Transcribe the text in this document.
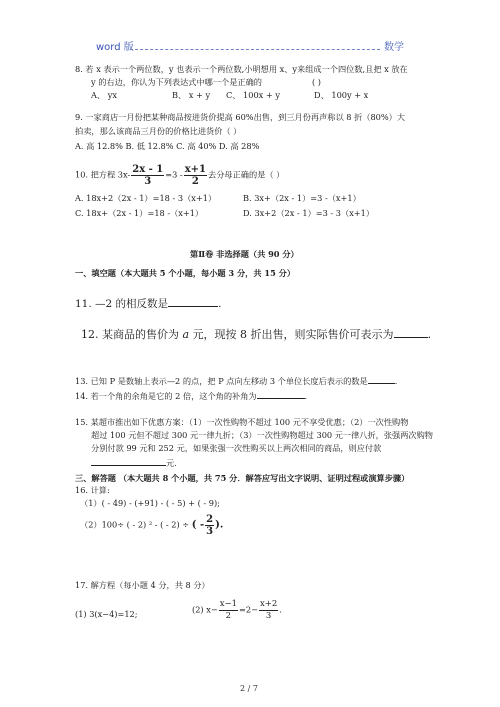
word 版	数学
8. 若 x 表示一个两位数，y 也表示一个两位数,小明想用 x、y来组成一个四位数,且把 x 放在
y 的右边，你认为下列表达式中哪一个是正确的	( )
A、 yx	B、 x + y C、 100x + y	D、 100y + x
9. 一家商店一月份把某种商品按进货价提高 60%出售，到三月份再声称以 8 折（80%）大
拍卖，那么该商品三月份的价格比进货价（ ）
A. 高 12.8% B. 低 12.8% C. 高 40% D. 高 28%
10. 把方程 $3x- \frac{2x - 1}{3} =3 - \frac{x+1}{2}$ 去分母正确的是（ ）
A. 18x+2（2x - 1）=18 - 3（x+1）	B. 3x+（2x - 1）=3 -（x+1）
C. 18x+（2x - 1）=18 -（x+1）	D. 3x+2（2x - 1）=3 - 3（x+1）
第Ⅱ卷 非选择题（共 90 分）
一、填空题（本大题共 5 个小题，每小题 3 分，共 15 分）
11. —2 的相反数是	.
12. 某商品的售价为 a 元，现按 8 折出售，则实际售价可表示为	.
13. 已知 P 是数轴上表示—2 的点，把 P 点向左移动 3 个单位长度后表示的数是	.
14. 若一个角的余角是它的 2 倍，这个角的补角为	.
15. 某超市推出如下优惠方案：（1）一次性购物不超过 100 元不享受优惠；（2）一次性购物
超过 100 元但不超过 300 元一律九折；（3）一次性购物超过 300 元一律八折，张强两次购物
分别付款 99 元和 252 元，如果张强一次性购买以上两次相同的商品，则应付款
元.
三、解答题 （本大题共 8 个小题，共 75 分．解答应写出文字说明、证明过程或演算步骤）
16. 计算:
（1）( - 49) - (+91) - ( - 5) + ( - 9);
（2）100÷ ( - 2) ² - ( - 2) ÷ ( - $\frac{2}{3}$ ).
17. 解方程（每小题 4 分，共 8 分）
(1) 3(x−4)=12;	(2) $x- \frac{x-1}{2} =2- \frac{x+2}{3}$ .
2 / 7
